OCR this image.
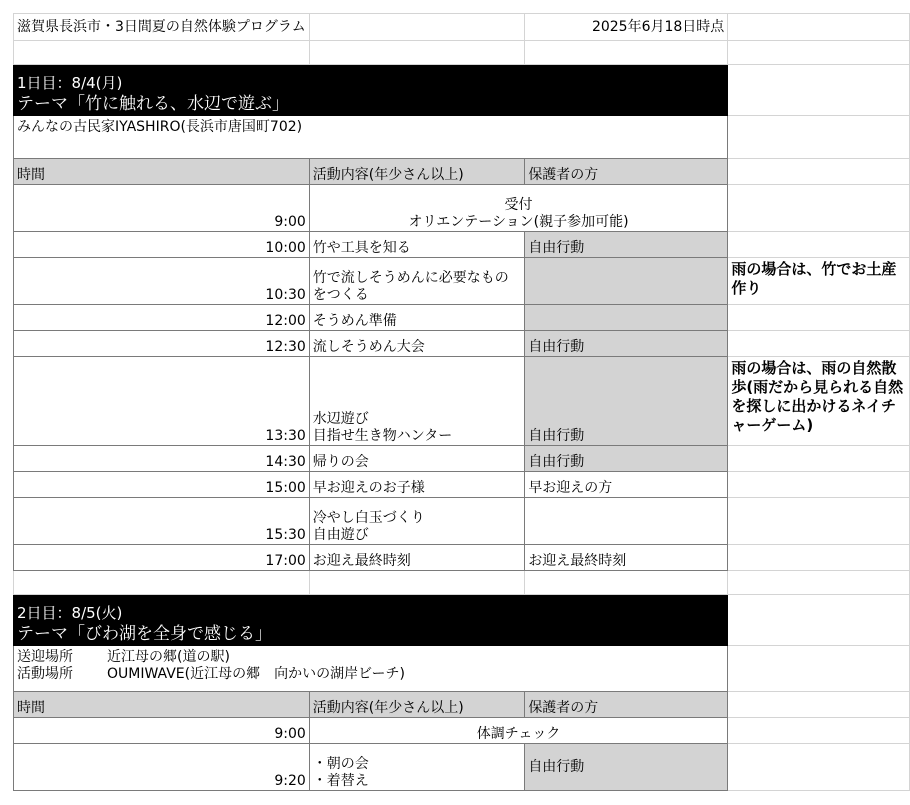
滋賀県長浜市・3日間夏の自然体験プログラム		2025年6月18日時点	

1日目：8/4(月)
テーマ「竹に触れる、水辺で遊ぶ」			

みんなの古民家IYASHIRO(長浜市唐国町702)			
時間	活動内容(年少さん以上)	保護者の方	
9:00	受付
オリエンテーション(親子参加可能)		

10:00	竹や工具を知る	自由行動	
10:30	竹で流しそうめんに必要なものをつくる		雨の場合は、竹でお土産作り
12:00	そうめん準備		
12:30	流しそうめん大会	自由行動	
13:30	水辺遊び
目指せ生き物ハンター	自由行動	雨の場合は、雨の自然散歩(雨だから見られる自然を探しに出かけるネイチャーゲーム)
14:30	帰りの会	自由行動	
15:00	早お迎えのお子様	早お迎えの方	
15:30	冷やし白玉づくり
自由遊び		

17:00	お迎え最終時刻	お迎え最終時刻	

2日目：8/5(火)
テーマ「びわ湖を全身で感じる」			

送迎場所 近江母の郷(道の駅)
活動場所 OUMIWAVE(近江母の郷　向かいの湖岸ビーチ)			

時間	活動内容(年少さん以上)	保護者の方	
9:00	体調チェック		
9:20	・朝の会
・着替え	自由行動	
